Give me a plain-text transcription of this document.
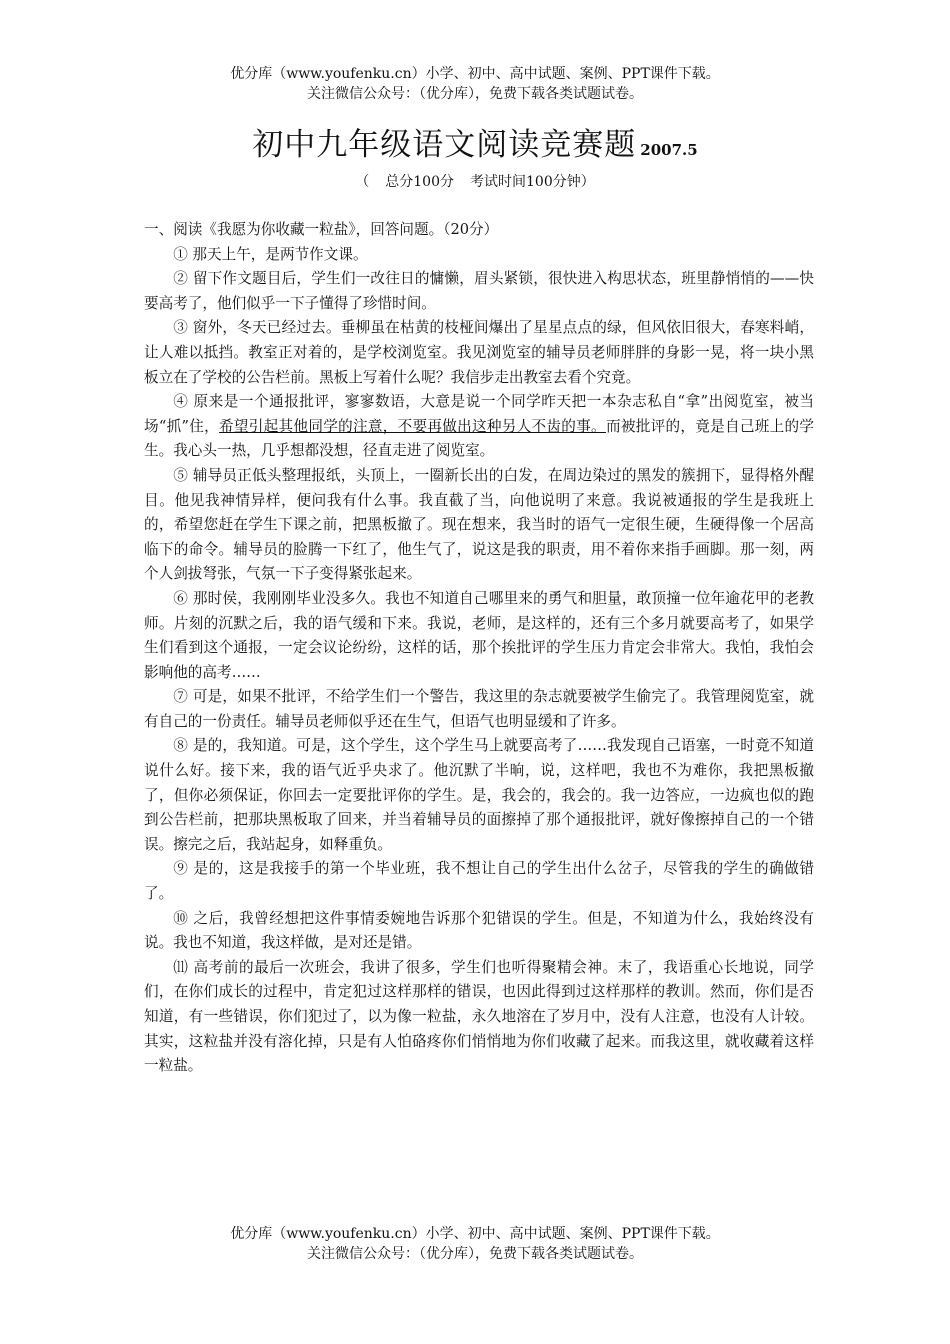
优分库（www.youfenku.cn）小学、初中、高中试题、案例、PPT课件下载。
关注微信公众号：（优分库），免费下载各类试题试卷。
初中九年级语文阅读竞赛题 2007.5
（ 总分100分 考试时间100分钟）

一、阅读《我愿为你收藏一粒盐》，回答问题。（20分）

① 那天上午，是两节作文课。

② 留下作文题目后，学生们一改往日的慵懒，眉头紧锁，很快进入构思状态，班里静悄悄的——快要高考了，他们似乎一下子懂得了珍惜时间。

③ 窗外，冬天已经过去。垂柳虽在枯黄的枝桠间爆出了星星点点的绿，但风依旧很大，春寒料峭，让人难以抵挡。教室正对着的，是学校浏览室。我见浏览室的辅导员老师胖胖的身影一晃，将一块小黑板立在了学校的公告栏前。黑板上写着什么呢？我信步走出教室去看个究竟。

④ 原来是一个通报批评，寥寥数语，大意是说一个同学昨天把一本杂志私自“拿”出阅览室，被当场“抓”住，希望引起其他同学的注意，不要再做出这种另人不齿的事。而被批评的，竟是自己班上的学生。我心头一热，几乎想都没想，径直走进了阅览室。

⑤ 辅导员正低头整理报纸，头顶上，一圈新长出的白发，在周边染过的黑发的簇拥下，显得格外醒目。他见我神情异样，便问我有什么事。我直截了当，向他说明了来意。我说被通报的学生是我班上的，希望您赶在学生下课之前，把黑板撤了。现在想来，我当时的语气一定很生硬，生硬得像一个居高临下的命令。辅导员的脸腾一下红了，他生气了，说这是我的职责，用不着你来指手画脚。那一刻，两个人剑拔弩张，气氛一下子变得紧张起来。

⑥ 那时侯，我刚刚毕业没多久。我也不知道自己哪里来的勇气和胆量，敢顶撞一位年逾花甲的老教师。片刻的沉默之后，我的语气缓和下来。我说，老师，是这样的，还有三个多月就要高考了，如果学生们看到这个通报，一定会议论纷纷，这样的话，那个挨批评的学生压力肯定会非常大。我怕，我怕会影响他的高考……

⑦ 可是，如果不批评，不给学生们一个警告，我这里的杂志就要被学生偷完了。我管理阅览室，就有自己的一份责任。辅导员老师似乎还在生气，但语气也明显缓和了许多。

⑧ 是的，我知道。可是，这个学生，这个学生马上就要高考了……我发现自己语塞，一时竟不知道说什么好。接下来，我的语气近乎央求了。他沉默了半晌，说，这样吧，我也不为难你，我把黑板撤了，但你必须保证，你回去一定要批评你的学生。是，我会的，我会的。我一边答应，一边疯也似的跑到公告栏前，把那块黑板取了回来，并当着辅导员的面擦掉了那个通报批评，就好像擦掉自己的一个错误。擦完之后，我站起身，如释重负。

⑨ 是的，这是我接手的第一个毕业班，我不想让自己的学生出什么岔子，尽管我的学生的确做错了。

⑩ 之后，我曾经想把这件事情委婉地告诉那个犯错误的学生。但是，不知道为什么，我始终没有说。我也不知道，我这样做，是对还是错。

⑾ 高考前的最后一次班会，我讲了很多，学生们也听得聚精会神。末了，我语重心长地说，同学们，在你们成长的过程中，肯定犯过这样那样的错误，也因此得到过这样那样的教训。然而，你们是否知道，有一些错误，你们犯过了，以为像一粒盐，永久地溶在了岁月中，没有人注意，也没有人计较。其实，这粒盐并没有溶化掉，只是有人怕硌疼你们悄悄地为你们收藏了起来。而我这里，就收藏着这样一粒盐。

优分库（www.youfenku.cn）小学、初中、高中试题、案例、PPT课件下载。
关注微信公众号：（优分库），免费下载各类试题试卷。
